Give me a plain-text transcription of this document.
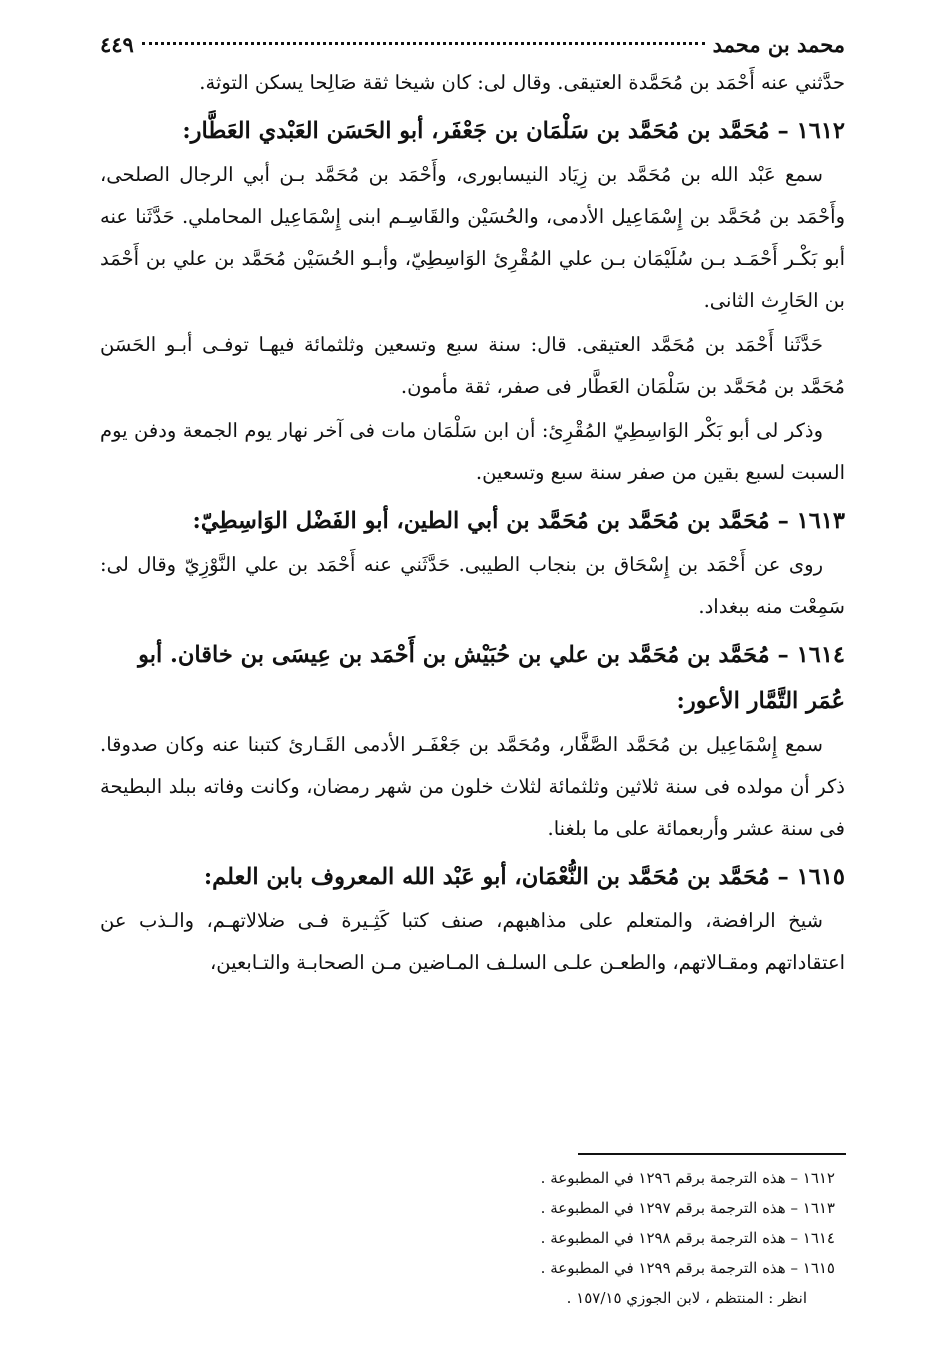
محمد بن محمد
٤٤٩

حدَّثني عنه أَحْمَد بن مُحَمَّدة العتيقى. وقال لى: كان شيخا ثقة صَالِحا يسكن التوثة.

١٦١٢ – مُحَمَّد بن مُحَمَّد بن سَلْمَان بن جَعْفَر، أبو الحَسَن العَبْدي العَطَّار:

سمع عَبْد الله بن مُحَمَّد بن زِيَاد النيسابورى، وأَحْمَد بن مُحَمَّد بـن أبي الرجال الصلحى، وأَحْمَد بن مُحَمَّد بن إِسْمَاعِيل الأدمى، والحُسَيْن والقَاسِـم ابنى إِسْمَاعِيل المحاملي. حَدَّثَنا عنه أبو بَكْـر أَحْمَـد بـن سُلَيْمَان بـن علي المُقْرِئ الوَاسِطِيّ، وأبـو الحُسَيْن مُحَمَّد بن علي بن أَحْمَد بن الحَارِث الثانى.

حَدَّثَنا أَحْمَد بن مُحَمَّد العتيقى. قال: سنة سبع وتسعين وثلثمائة فيهـا توفـى أبـو الحَسَن مُحَمَّد بن مُحَمَّد بن سَلْمَان العَطَّار فى صفر، ثقة مأمون.

وذكر لى أبو بَكْر الوَاسِطِيّ المُقْرِئ: أن ابن سَلْمَان مات فى آخر نهار يوم الجمعة ودفن يوم السبت لسبع بقين من صفر سنة سبع وتسعين.

١٦١٣ – مُحَمَّد بن مُحَمَّد بن مُحَمَّد بن أبي الطين، أبو الفَضْل الوَاسِطِيّ:

روى عن أَحْمَد بن إِسْحَاق بن بنجاب الطيبى. حَدَّثَني عنه أَحْمَد بن علي النَّوْزِيّ وقال لى: سَمِعْت منه ببغداد.

١٦١٤ – مُحَمَّد بن مُحَمَّد بن علي بن حُبَيْش بن أَحْمَد بن عِيسَى بن خاقان. أبو عُمَر التَّمَّار الأعور:

سمع إِسْمَاعِيل بن مُحَمَّد الصَّفَّار، ومُحَمَّد بن جَعْفَـر الأدمى القَـارئ كتبنا عنه وكان صدوقا. ذكر أن مولده فى سنة ثلاثين وثلثمائة لثلاث خلون من شهر رمضان، وكانت وفاته ببلد البطيحة فى سنة عشر وأربعمائة على ما بلغنا.

١٦١٥ – مُحَمَّد بن مُحَمَّد بن النُّعْمَان، أبو عَبْد الله المعروف بابن العلم:

شيخ الرافضة، والمتعلم على مذاهبهم، صنف كتبا كَثِـيرة فـى ضلالاتهـم، والـذب عن اعتقاداتهم ومقـالاتهم، والطعـن علـى السلـف المـاضين مـن الصحابـة والتـابعين،

١٦١٢ – هذه الترجمة برقم ١٢٩٦ في المطبوعة .
١٦١٣ – هذه الترجمة برقم ١٢٩٧ في المطبوعة .
١٦١٤ – هذه الترجمة برقم ١٢٩٨ في المطبوعة .
١٦١٥ – هذه الترجمة برقم ١٢٩٩ في المطبوعة .
انظر : المنتظم ، لابن الجوزي ١٥٧/١٥ .
